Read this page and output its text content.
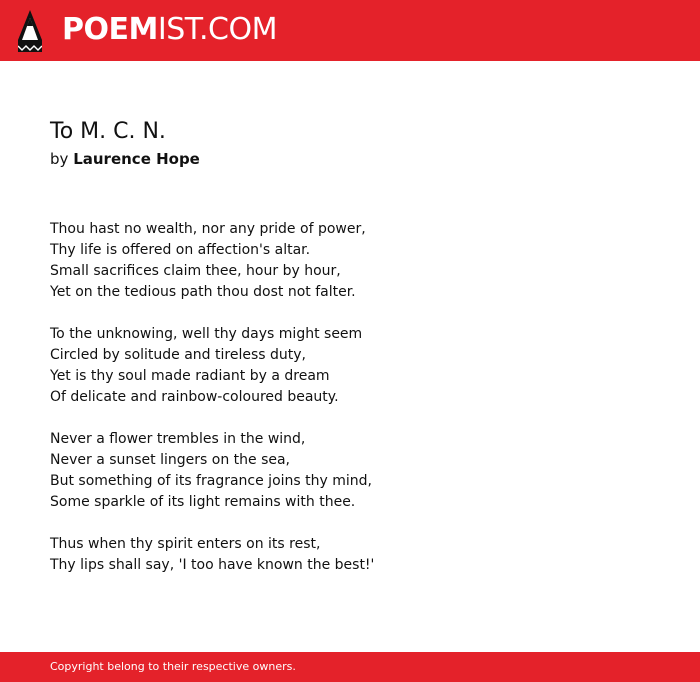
POEMIST.COM
To M. C. N.
by Laurence Hope
Thou hast no wealth, nor any pride of power,
Thy life is offered on affection's altar.
Small sacrifices claim thee, hour by hour,
Yet on the tedious path thou dost not falter.
To the unknowing, well thy days might seem
Circled by solitude and tireless duty,
Yet is thy soul made radiant by a dream
Of delicate and rainbow-coloured beauty.
Never a flower trembles in the wind,
Never a sunset lingers on the sea,
But something of its fragrance joins thy mind,
Some sparkle of its light remains with thee.
Thus when thy spirit enters on its rest,
Thy lips shall say, 'I too have known the best!'
Copyright belong to their respective owners.
